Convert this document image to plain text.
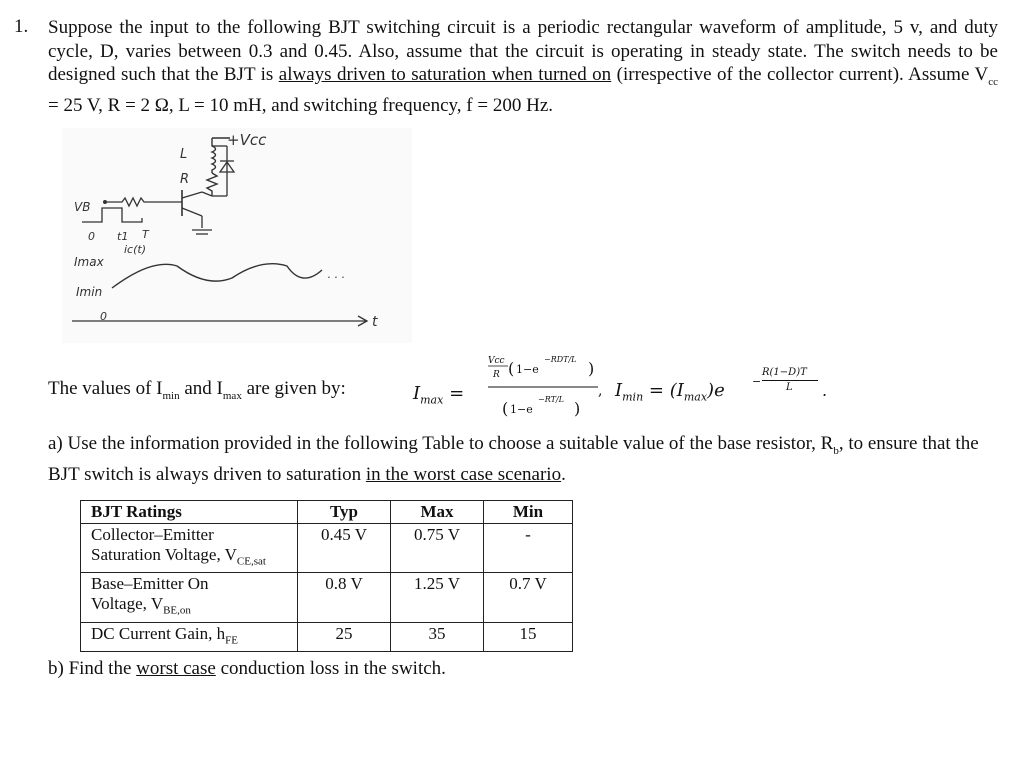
1. Suppose the input to the following BJT switching circuit is a periodic rectangular waveform of amplitude, 5 v, and duty cycle, D, varies between 0.3 and 0.45. Also, assume that the circuit is operating in steady state. The switch needs to be designed such that the BJT is always driven to saturation when turned on (irrespective of the collector current). Assume $V_{cc} = 25$ V, R = 2 Ω, L = 10 mH, and switching frequency, f = 200 Hz.
+Vcc
L
R
VB
0 t1 T
ic(t)
Imax
Imin
· · ·
0	t
The values of $I_{min}$ and $I_{max}$ are given by:	$I_{max}$ =
Vcc
R ( 1−e
−RDT/L )
( 1−e
−RT/L )
, $I_{min} = (I_{max})e$ −
R(1−D)T
L .
a) Use the information provided in the following Table to choose a suitable value of the base resistor, $R_b$, to ensure that the BJT switch is always driven to saturation in the worst case scenario.
BJT Ratings	Typ	Max	Min
Collector–Emitter
Saturation Voltage, $V_{CE,sat}$	0.45 V	0.75 V	-
Base–Emitter On
Voltage, $V_{BE,on}$	0.8 V	1.25 V	0.7 V
DC Current Gain, $h_{FE}$	25	35	15
b) Find the worst case conduction loss in the switch.
